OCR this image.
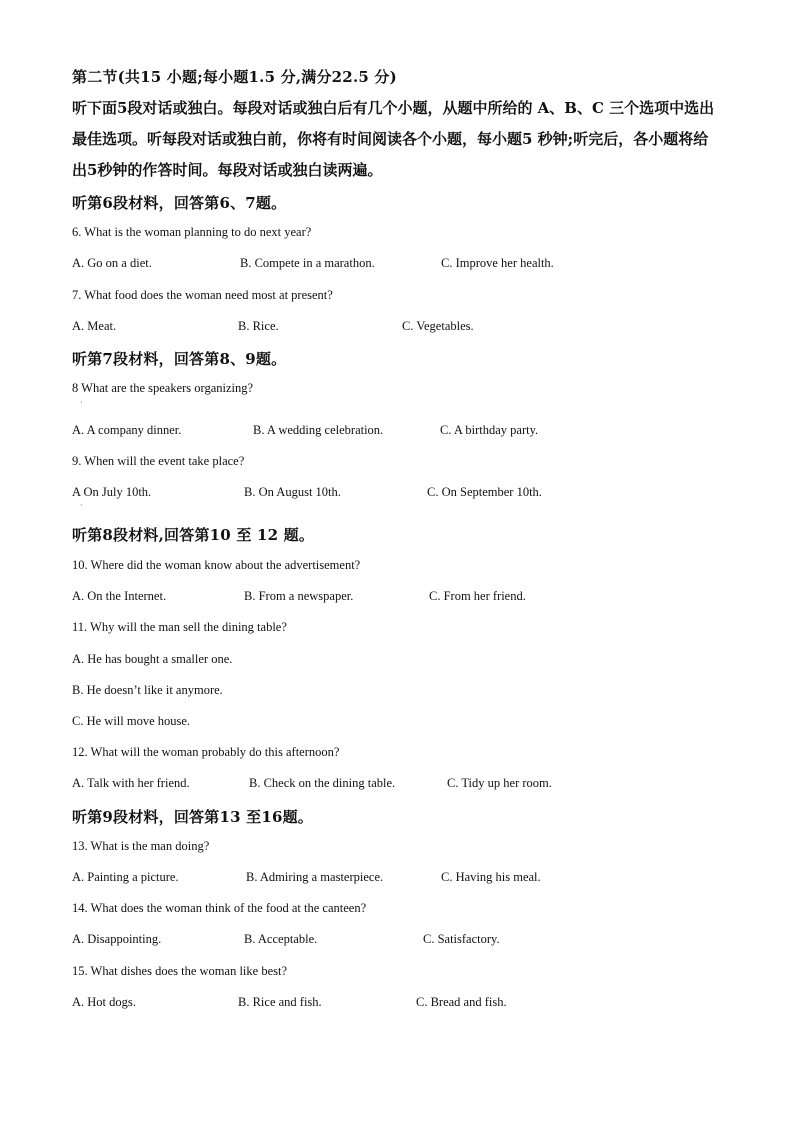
第二节(共15 小题;每小题1.5 分,满分22.5 分)
听下面5段对话或独白。每段对话或独白后有几个小题，从题中所给的 A、B、C 三个选项中选出最佳选项。听每段对话或独白前，你将有时间阅读各个小题，每小题5 秒钟;听完后，各小题将给出5秒钟的作答时间。每段对话或独白读两遍。
听第6段材料，回答第6、7题。
6. What is the woman planning to do next year?
A. Go on a diet.	B. Compete in a marathon.	C. Improve her health.
7. What food does the woman need most at present?
A. Meat.	B. Rice.	C. Vegetables.
听第7段材料，回答第8、9题。
8 What are the speakers organizing?
·
A. A company dinner.	B. A wedding celebration.	C. A birthday party.
9. When will the event take place?
A On July 10th.	B. On August 10th.	C. On September 10th.
·
听第8段材料,回答第10 至 12 题。
10. Where did the woman know about the advertisement?
A. On the Internet.	B. From a newspaper.	C. From her friend.
11. Why will the man sell the dining table?
A. He has bought a smaller one.
B. He doesn’t like it anymore.
C. He will move house.
12. What will the woman probably do this afternoon?
A. Talk with her friend.	B. Check on the dining table.	C. Tidy up her room.
听第9段材料，回答第13 至16题。
13. What is the man doing?
A. Painting a picture.	B. Admiring a masterpiece.	C. Having his meal.
14. What does the woman think of the food at the canteen?
A. Disappointing.	B. Acceptable.	C. Satisfactory.
15. What dishes does the woman like best?
A. Hot dogs.	B. Rice and fish.	C. Bread and fish.
